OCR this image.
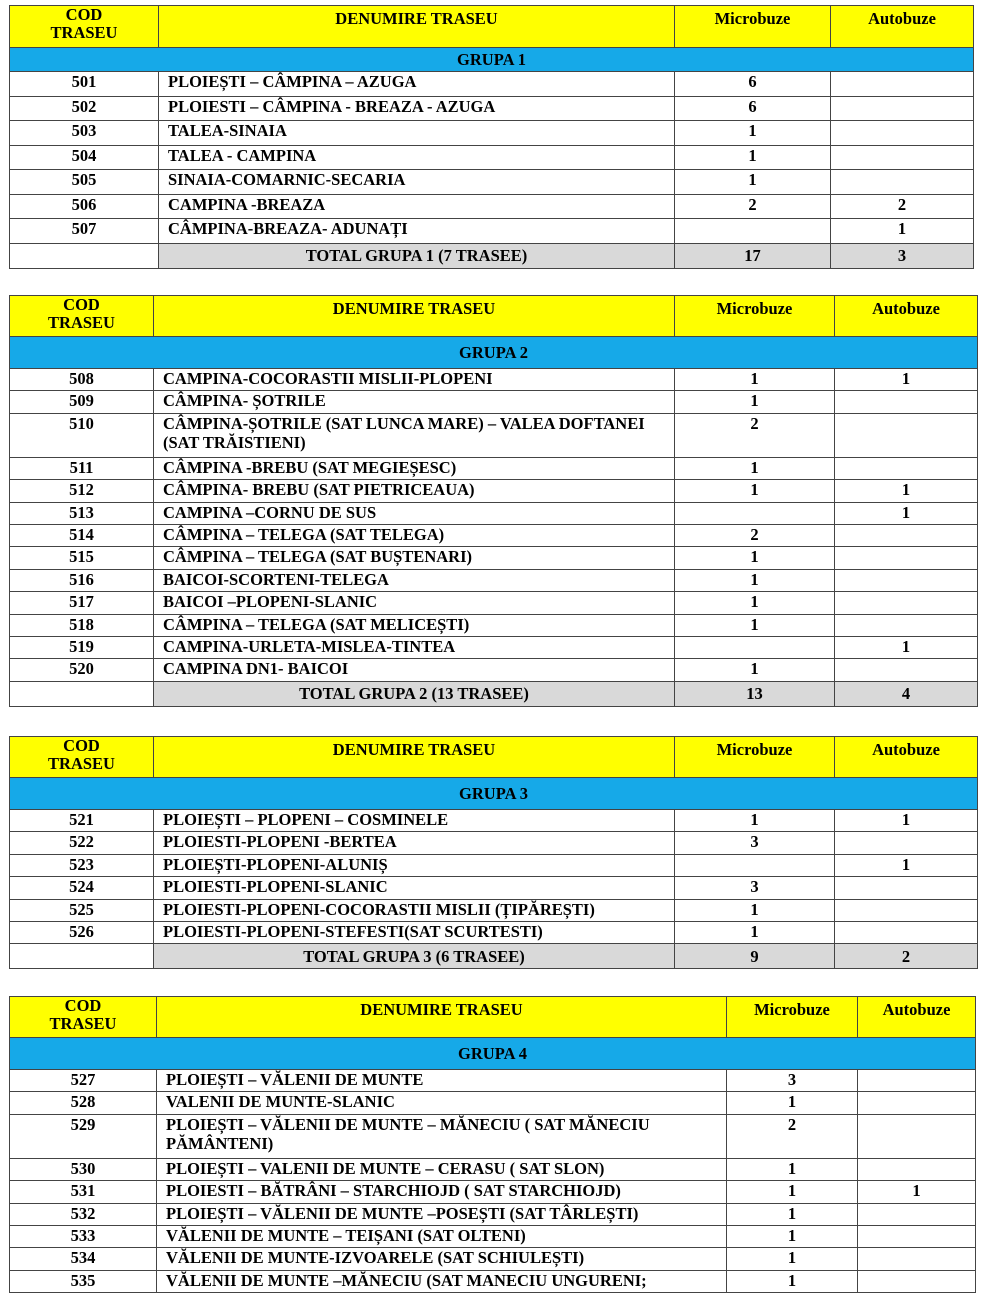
COD
TRASEU	DENUMIRE TRASEU	Microbuze	Autobuze
GRUPA 1			
501	PLOIEȘTI – CÂMPINA – AZUGA	6	
502	PLOIESTI – CÂMPINA - BREAZA - AZUGA	6	
503	TALEA-SINAIA	1	
504	TALEA - CAMPINA	1	
505	SINAIA-COMARNIC-SECARIA	1	
506	CAMPINA -BREAZA	2	2
507	CÂMPINA-BREAZA- ADUNAȚI		1
	TOTAL GRUPA 1 (7 TRASEE)	17	3
COD
TRASEU	DENUMIRE TRASEU	Microbuze	Autobuze
GRUPA 2			
508	CAMPINA-COCORASTII MISLII-PLOPENI	1	1
509	CÂMPINA- ȘOTRILE	1	
510	CÂMPINA-ȘOTRILE (SAT LUNCA MARE) – VALEA DOFTANEI (SAT TRĂISTIENI)	2	
511	CÂMPINA -BREBU (SAT MEGIEȘESC)	1	
512	CÂMPINA- BREBU (SAT PIETRICEAUA)	1	1
513	CAMPINA –CORNU DE SUS		1
514	CÂMPINA – TELEGA (SAT TELEGA)	2	
515	CÂMPINA – TELEGA (SAT BUȘTENARI)	1	
516	BAICOI-SCORTENI-TELEGA	1	
517	BAICOI –PLOPENI-SLANIC	1	
518	CÂMPINA – TELEGA (SAT MELICEȘTI)	1	
519	CAMPINA-URLETA-MISLEA-TINTEA		1
520	CAMPINA DN1- BAICOI	1	
	TOTAL GRUPA 2 (13 TRASEE)	13	4
COD
TRASEU	DENUMIRE TRASEU	Microbuze	Autobuze
GRUPA 3			
521	PLOIEȘTI – PLOPENI – COSMINELE	1	1
522	PLOIESTI-PLOPENI -BERTEA	3	
523	PLOIEȘTI-PLOPENI-ALUNIȘ		1
524	PLOIESTI-PLOPENI-SLANIC	3	
525	PLOIESTI-PLOPENI-COCORASTII MISLII (ȚIPĂREȘTI)	1	
526	PLOIESTI-PLOPENI-STEFESTI(SAT SCURTESTI)	1	
	TOTAL GRUPA 3 (6 TRASEE)	9	2
COD
TRASEU	DENUMIRE TRASEU	Microbuze	Autobuze
GRUPA 4			
527	PLOIEȘTI – VĂLENII DE MUNTE	3	
528	VALENII DE MUNTE-SLANIC	1	
529	PLOIEȘTI – VĂLENII DE MUNTE – MĂNECIU ( SAT MĂNECIU PĂMÂNTENI)	2	
530	PLOIEȘTI – VALENII DE MUNTE – CERASU ( SAT SLON)	1	
531	PLOIESTI – BĂTRÂNI – STARCHIOJD ( SAT STARCHIOJD)	1	1
532	PLOIEȘTI – VĂLENII DE MUNTE –POSEȘTI (SAT TÂRLEȘTI)	1	
533	VĂLENII DE MUNTE – TEIȘANI (SAT OLTENI)	1	
534	VĂLENII DE MUNTE-IZVOARELE (SAT SCHIULEȘTI)	1	
535	VĂLENII DE MUNTE –MĂNECIU (SAT MANECIU UNGURENI;	1	
